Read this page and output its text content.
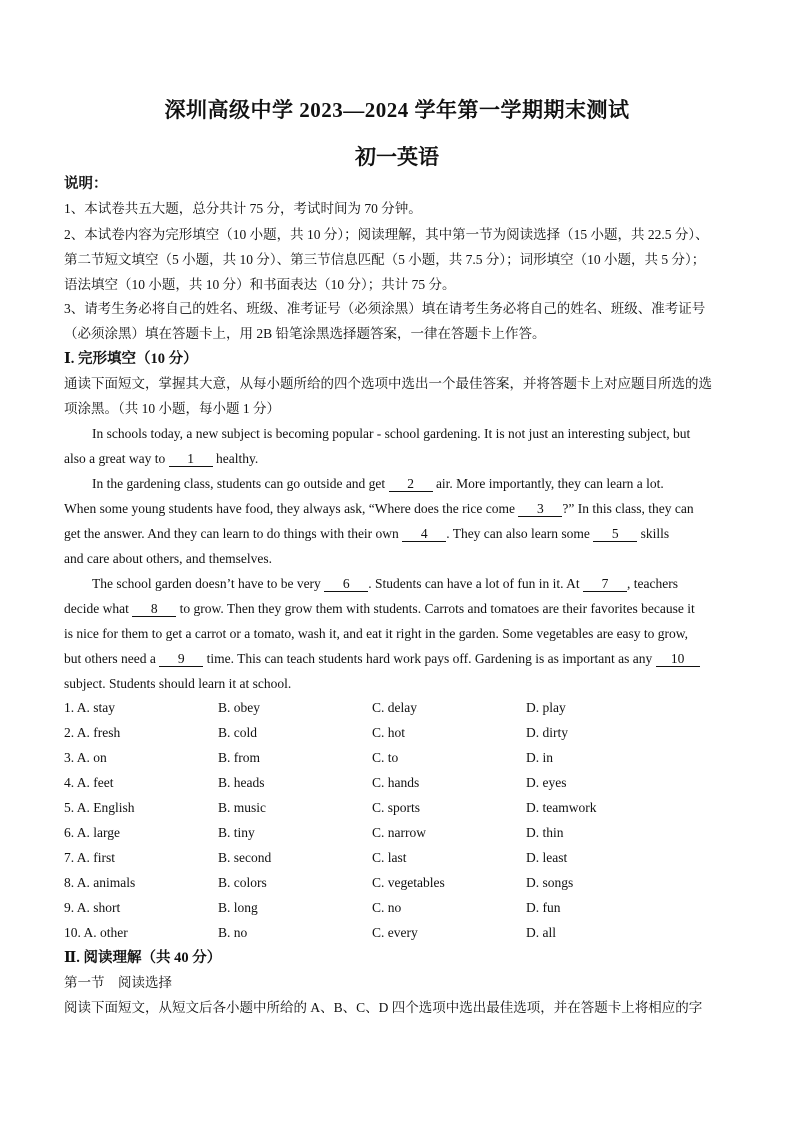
深圳高级中学 2023—2024 学年第一学期期末测试
初一英语
说明：
1、本试卷共五大题，总分共计 75 分，考试时间为 70 分钟。
2、本试卷内容为完形填空（10 小题，共 10 分）；阅读理解，其中第一节为阅读选择（15 小题，共 22.5 分）、
第二节短文填空（5 小题，共 10 分）、第三节信息匹配（5 小题，共 7.5 分）；词形填空（10 小题，共 5 分）；
语法填空（10 小题，共 10 分）和书面表达（10 分）；共计 75 分。
3、请考生务必将自己的姓名、班级、准考证号（必须涂黑）填在请考生务必将自己的姓名、班级、准考证号
（必须涂黑）填在答题卡上，用 2B 铅笔涂黑选择题答案，一律在答题卡上作答。
Ⅰ. 完形填空（10 分）
通读下面短文，掌握其大意，从每小题所给的四个选项中选出一个最佳答案，并将答题卡上对应题目所选的选
项涂黑。（共 10 小题，每小题 1 分）
In schools today, a new subject is becoming popular - school gardening. It is not just an interesting subject, but
also a great way to 1 healthy.
In the gardening class, students can go outside and get 2 air. More importantly, they can learn a lot.
When some young students have food, they always ask, “Where does the rice come 3 ?” In this class, they can
get the answer. And they can learn to do things with their own 4 . They can also learn some 5 skills
and care about others, and themselves.
The school garden doesn’t have to be very 6 . Students can have a lot of fun in it. At 7 , teachers
decide what 8 to grow. Then they grow them with students. Carrots and tomatoes are their favorites because it
is nice for them to get a carrot or a tomato, wash it, and eat it right in the garden. Some vegetables are easy to grow,
but others need a 9 time. This can teach students hard work pays off. Gardening is as important as any 10
subject. Students should learn it at school.
1. A. stay	B. obey	C. delay	D. play
2. A. fresh	B. cold	C. hot	D. dirty
3. A. on	B. from	C. to	D. in
4. A. feet	B. heads	C. hands	D. eyes
5. A. English	B. music	C. sports	D. teamwork
6. A. large	B. tiny	C. narrow	D. thin
7. A. first	B. second	C. last	D. least
8. A. animals	B. colors	C. vegetables	D. songs
9. A. short	B. long	C. no	D. fun
10. A. other	B. no	C. every	D. all
Ⅱ. 阅读理解（共 40 分）
第一节　阅读选择
阅读下面短文，从短文后各小题中所给的 A、B、C、D 四个选项中选出最佳选项，并在答题卡上将相应的字
